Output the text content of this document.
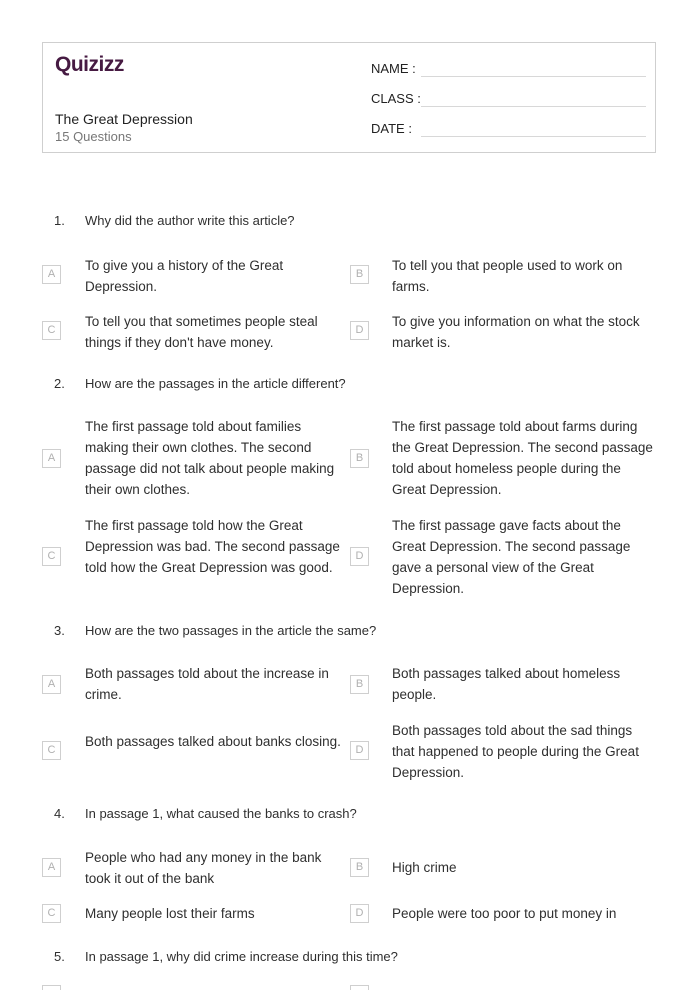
Quizizz
The Great Depression
15 Questions
NAME :
CLASS :
DATE :
1. Why did the author write this article?
A
To give you a history of the Great Depression.
B
To tell you that people used to work on farms.
C
To tell you that sometimes people steal things if they don't have money.
D
To give you information on what the stock market is.
2. How are the passages in the article different?
A
The first passage told about families making their own clothes. The second passage did not talk about people making their own clothes.
B
The first passage told about farms during the Great Depression. The second passage told about homeless people during the Great Depression.
C
The first passage told how the Great Depression was bad. The second passage told how the Great Depression was good.
D
The first passage gave facts about the Great Depression. The second passage gave a personal view of the Great Depression.
3. How are the two passages in the article the same?
A
Both passages told about the increase in crime.
B
Both passages talked about homeless people.
C
Both passages talked about banks closing.
D
Both passages told about the sad things that happened to people during the Great Depression.
4. In passage 1, what caused the banks to crash?
A
People who had any money in the bank took it out of the bank
B	High crime
C	Many people lost their farms	D	People were too poor to put money in
5. In passage 1, why did crime increase during this time?
